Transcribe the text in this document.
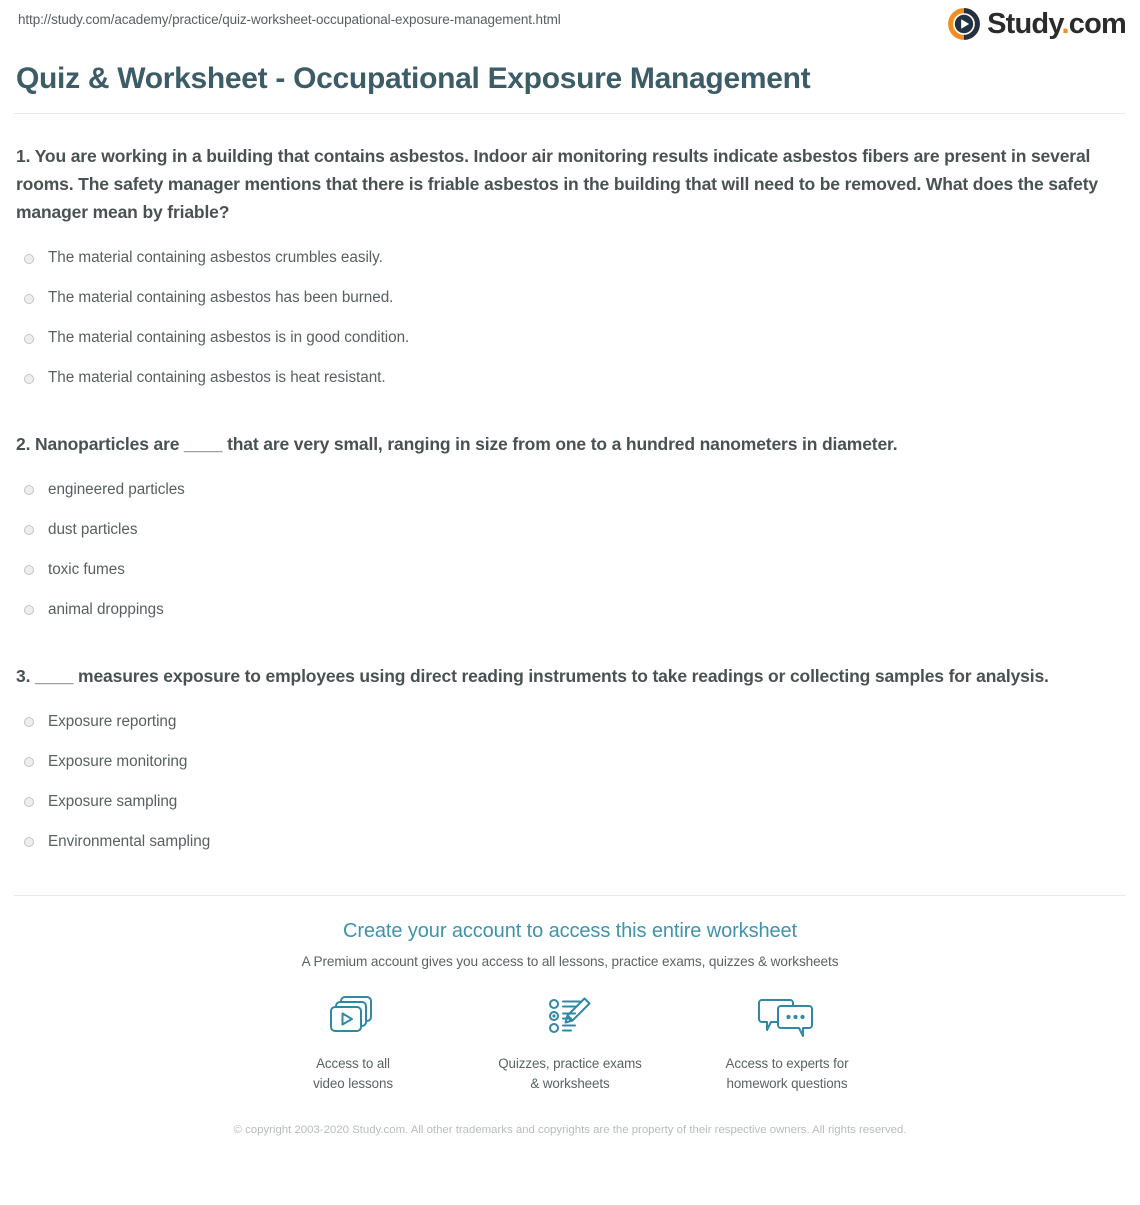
http://study.com/academy/practice/quiz-worksheet-occupational-exposure-management.html	Study.com
Quiz & Worksheet - Occupational Exposure Management

1. You are working in a building that contains asbestos. Indoor air monitoring results indicate asbestos fibers are present in several rooms. The safety manager mentions that there is friable asbestos in the building that will need to be removed. What does the safety manager mean by friable?

The material containing asbestos crumbles easily.
The material containing asbestos has been burned.
The material containing asbestos is in good condition.
The material containing asbestos is heat resistant.

2. Nanoparticles are ____ that are very small, ranging in size from one to a hundred nanometers in diameter.

engineered particles
dust particles
toxic fumes
animal droppings

3. ____ measures exposure to employees using direct reading instruments to take readings or collecting samples for analysis.

Exposure reporting
Exposure monitoring
Exposure sampling
Environmental sampling
Create your account to access this entire worksheet
A Premium account gives you access to all lessons, practice exams, quizzes & worksheets
Access to all
video lessons
Quizzes, practice exams
& worksheets
Access to experts for
homework questions
© copyright 2003-2020 Study.com. All other trademarks and copyrights are the property of their respective owners. All rights reserved.
